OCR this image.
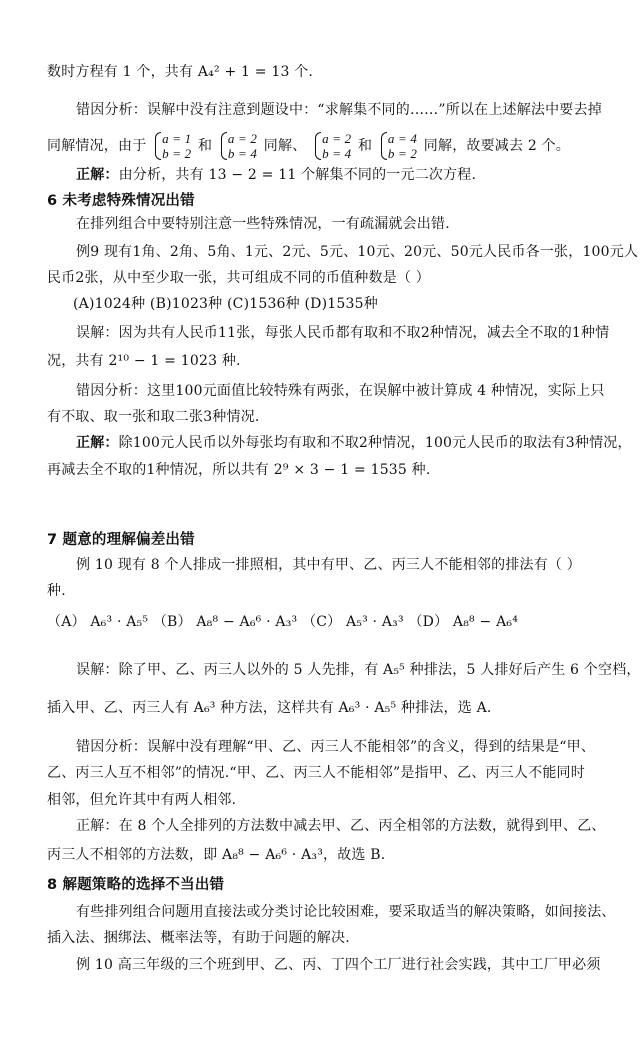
数时方程有 1 个，共有 A₄² + 1 = 13 个.
错因分析：误解中没有注意到题设中：“求解集不同的……”所以在上述解法中要去掉
同解情况，由于 a = 1
b = 2 和 a = 2
b = 4 同解、 a = 2
b = 4 和 a = 4
b = 2 同解，故要减去 2 个。
正解：由分析，共有 13 − 2 = 11 个解集不同的一元二次方程.
6 未考虑特殊情况出错
在排列组合中要特别注意一些特殊情况，一有疏漏就会出错.
例9 现有1角、2角、5角、1元、2元、5元、10元、20元、50元人民币各一张，100元人
民币2张，从中至少取一张，共可组成不同的币值种数是（ ）
(A)1024种 (B)1023种 (C)1536种 (D)1535种
误解：因为共有人民币11张，每张人民币都有取和不取2种情况，减去全不取的1种情
况，共有 2¹⁰ − 1 = 1023 种.
错因分析：这里100元面值比较特殊有两张，在误解中被计算成 4 种情况，实际上只
有不取、取一张和取二张3种情况.
正解：除100元人民币以外每张均有取和不取2种情况，100元人民币的取法有3种情况，
再减去全不取的1种情况，所以共有 2⁹ × 3 − 1 = 1535 种.
7 题意的理解偏差出错
例 10 现有 8 个人排成一排照相，其中有甲、乙、丙三人不能相邻的排法有（ ）
种.
（A） A₆³ · A₅⁵ （B） A₈⁸ − A₆⁶ · A₃³ （C） A₅³ · A₃³ （D） A₈⁸ − A₆⁴
误解：除了甲、乙、丙三人以外的 5 人先排，有 A₅⁵ 种排法，5 人排好后产生 6 个空档，
插入甲、乙、丙三人有 A₆³ 种方法，这样共有 A₆³ · A₅⁵ 种排法，选 A.
错因分析：误解中没有理解“甲、乙、丙三人不能相邻”的含义，得到的结果是“甲、
乙、丙三人互不相邻”的情况.“甲、乙、丙三人不能相邻”是指甲、乙、丙三人不能同时
相邻，但允许其中有两人相邻.
正解：在 8 个人全排列的方法数中减去甲、乙、丙全相邻的方法数，就得到甲、乙、
丙三人不相邻的方法数，即 A₈⁸ − A₆⁶ · A₃³，故选 B.
8 解题策略的选择不当出错
有些排列组合问题用直接法或分类讨论比较困难，要采取适当的解决策略，如间接法、
插入法、捆绑法、概率法等，有助于问题的解决.
例 10 高三年级的三个班到甲、乙、丙、丁四个工厂进行社会实践，其中工厂甲必须
